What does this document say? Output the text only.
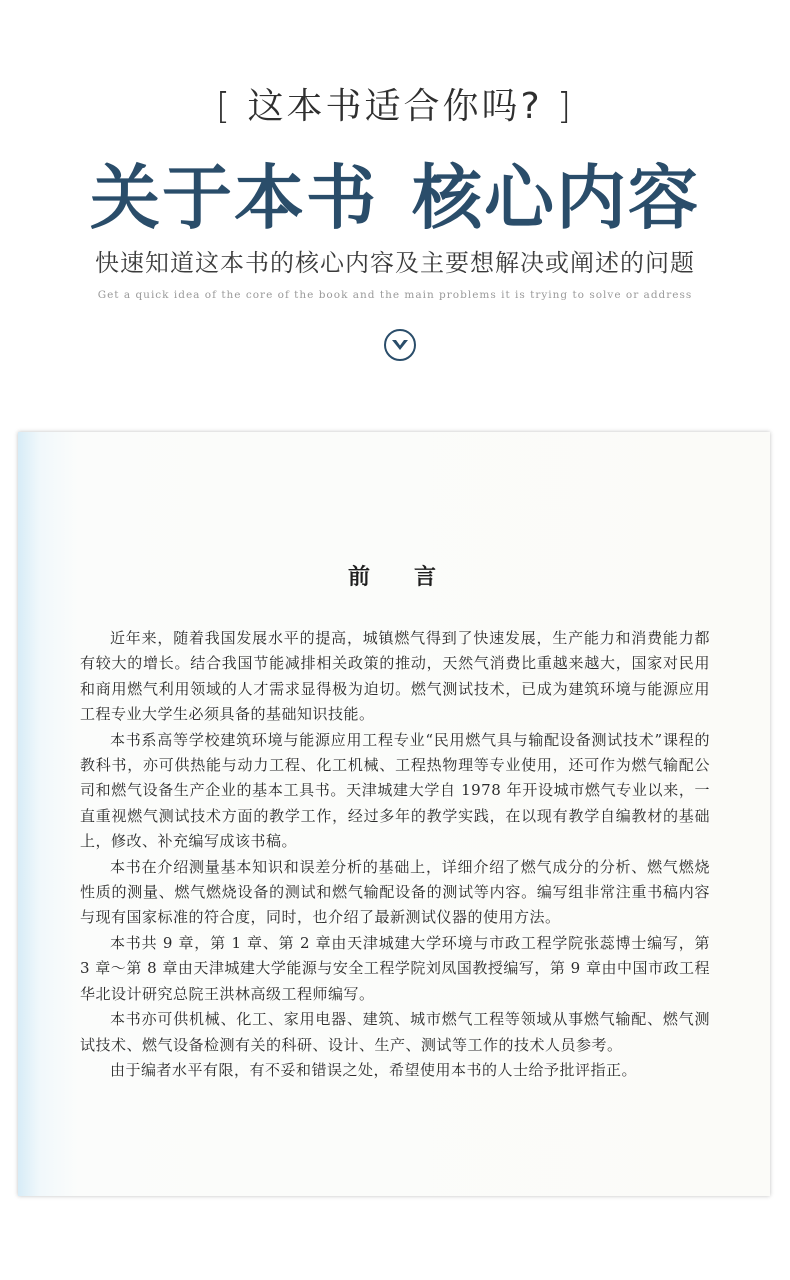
[ 这本书适合你吗? ]
关于本书 核心内容
快速知道这本书的核心内容及主要想解决或阐述的问题
Get a quick idea of the core of the book and the main problems it is trying to solve or address
前 言

近年来，随着我国发展水平的提高，城镇燃气得到了快速发展，生产能力和消费能力都有较大的增长。结合我国节能减排相关政策的推动，天然气消费比重越来越大，国家对民用和商用燃气利用领域的人才需求显得极为迫切。燃气测试技术，已成为建筑环境与能源应用工程专业大学生必须具备的基础知识技能。

本书系高等学校建筑环境与能源应用工程专业“民用燃气具与输配设备测试技术”课程的教科书，亦可供热能与动力工程、化工机械、工程热物理等专业使用，还可作为燃气输配公司和燃气设备生产企业的基本工具书。天津城建大学自 1978 年开设城市燃气专业以来，一直重视燃气测试技术方面的教学工作，经过多年的教学实践，在以现有教学自编教材的基础上，修改、补充编写成该书稿。

本书在介绍测量基本知识和误差分析的基础上，详细介绍了燃气成分的分析、燃气燃烧性质的测量、燃气燃烧设备的测试和燃气输配设备的测试等内容。编写组非常注重书稿内容与现有国家标准的符合度，同时，也介绍了最新测试仪器的使用方法。

本书共 9 章，第 1 章、第 2 章由天津城建大学环境与市政工程学院张蕊博士编写，第 3 章～第 8 章由天津城建大学能源与安全工程学院刘凤国教授编写，第 9 章由中国市政工程华北设计研究总院王洪林高级工程师编写。

本书亦可供机械、化工、家用电器、建筑、城市燃气工程等领域从事燃气输配、燃气测试技术、燃气设备检测有关的科研、设计、生产、测试等工作的技术人员参考。

由于编者水平有限，有不妥和错误之处，希望使用本书的人士给予批评指正。
